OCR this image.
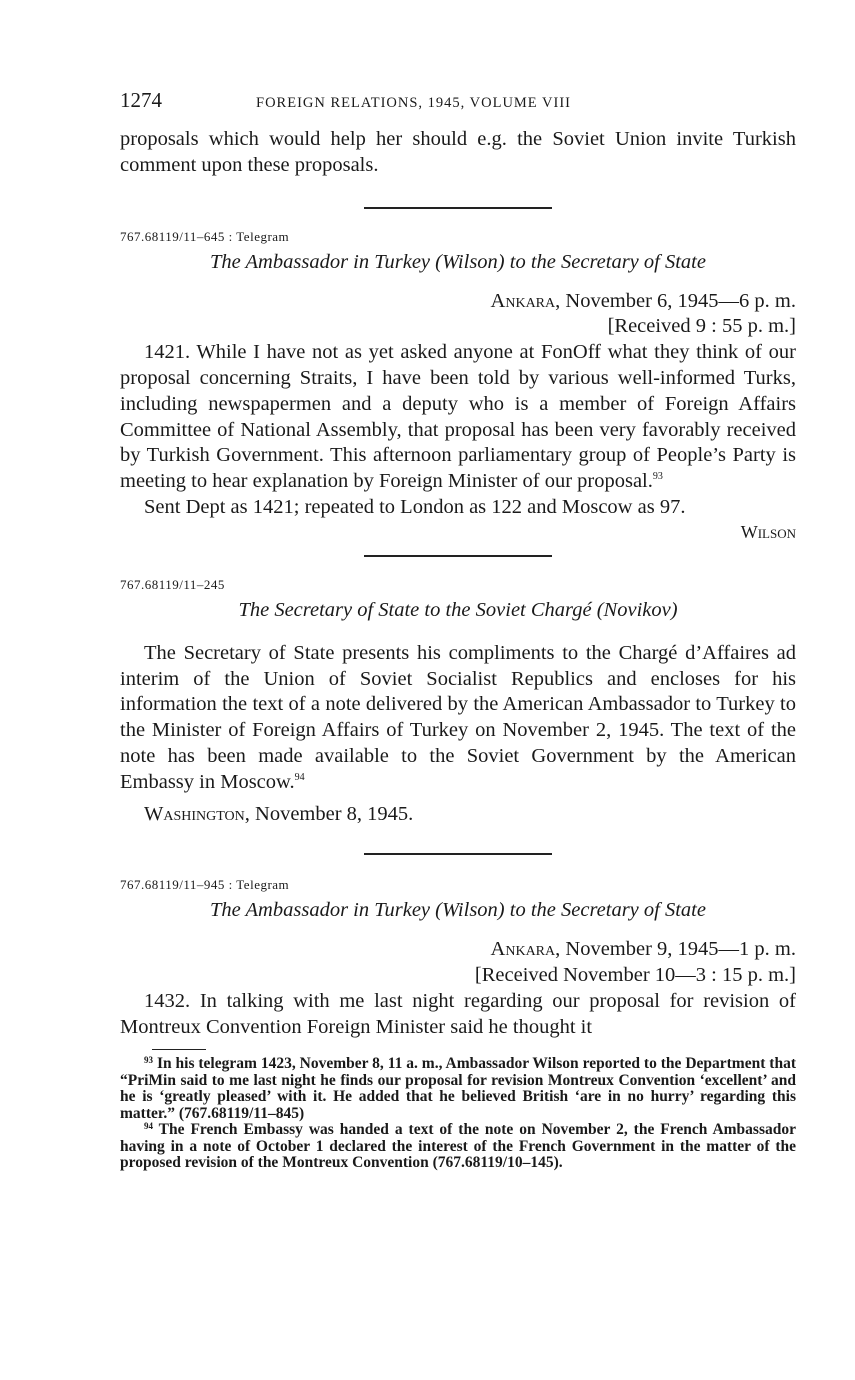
1274	FOREIGN RELATIONS, 1945, VOLUME VIII

proposals which would help her should e.g. the Soviet Union invite Turkish comment upon these proposals.

767.68119/11–645 : Telegram
The Ambassador in Turkey (Wilson) to the Secretary of State
Ankara, November 6, 1945—6 p. m.
[Received 9 : 55 p. m.]

1421. While I have not as yet asked anyone at FonOff what they think of our proposal concerning Straits, I have been told by various well-informed Turks, including newspapermen and a deputy who is a member of Foreign Affairs Committee of National Assembly, that proposal has been very favorably received by Turkish Government. This afternoon parliamentary group of People’s Party is meeting to hear explanation by Foreign Minister of our proposal.$^{93}$

Sent Dept as 1421; repeated to London as 122 and Moscow as 97.

Wilson
767.68119/11–245
The Secretary of State to the Soviet Chargé (Novikov)

The Secretary of State presents his compliments to the Chargé d’Affaires ad interim of the Union of Soviet Socialist Republics and encloses for his information the text of a note delivered by the American Ambassador to Turkey to the Minister of Foreign Affairs of Turkey on November 2, 1945. The text of the note has been made available to the Soviet Government by the American Embassy in Moscow.$^{94}$

Washington, November 8, 1945.

767.68119/11–945 : Telegram
The Ambassador in Turkey (Wilson) to the Secretary of State
Ankara, November 9, 1945—1 p. m.
[Received November 10—3 : 15 p. m.]

1432. In talking with me last night regarding our proposal for revision of Montreux Convention Foreign Minister said he thought it

$^{93}$ In his telegram 1423, November 8, 11 a. m., Ambassador Wilson reported to the Department that “PriMin said to me last night he finds our proposal for revision Montreux Convention ‘excellent’ and he is ‘greatly pleased’ with it. He added that he believed British ‘are in no hurry’ regarding this matter.” (767.68119/11–845)

$^{94}$ The French Embassy was handed a text of the note on November 2, the French Ambassador having in a note of October 1 declared the interest of the French Government in the matter of the proposed revision of the Montreux Convention (767.68119/10–145).
